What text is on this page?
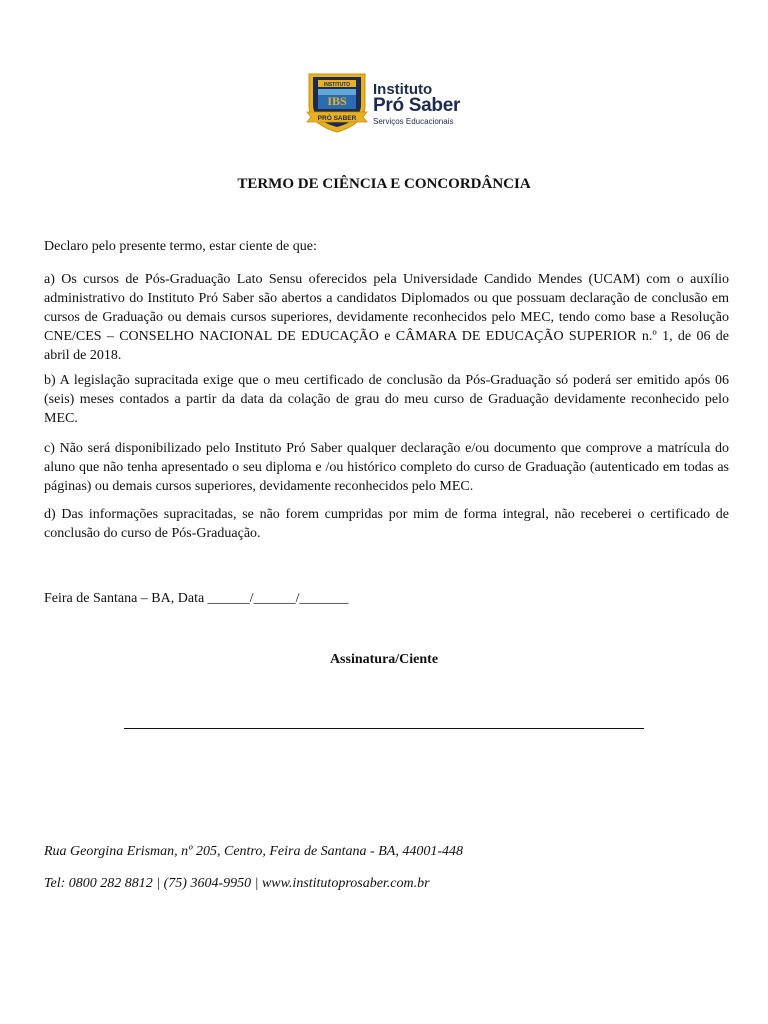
INSTITUTO
IBS
PRÓ SABER
Instituto
Pró Saber
Serviços Educacionais
TERMO DE CIÊNCIA E CONCORDÂNCIA
Declaro pelo presente termo, estar ciente de que:
a) Os cursos de Pós-Graduação Lato Sensu oferecidos pela Universidade Candido Mendes (UCAM) com o auxílio administrativo do Instituto Pró Saber são abertos a candidatos Diplomados ou que possuam declaração de conclusão em cursos de Graduação ou demais cursos superiores, devidamente reconhecidos pelo MEC, tendo como base a Resolução CNE/CES – CONSELHO NACIONAL DE EDUCAÇÃO e CÂMARA DE EDUCAÇÃO SUPERIOR n.º 1, de 06 de abril de 2018.
b) A legislação supracitada exige que o meu certificado de conclusão da Pós-Graduação só poderá ser emitido após 06 (seis) meses contados a partir da data da colação de grau do meu curso de Graduação devidamente reconhecido pelo MEC.
c) Não será disponibilizado pelo Instituto Pró Saber qualquer declaração e/ou documento que comprove a matrícula do aluno que não tenha apresentado o seu diploma e /ou histórico completo do curso de Graduação (autenticado em todas as páginas) ou demais cursos superiores, devidamente reconhecidos pelo MEC.
d) Das informações supracitadas, se não forem cumpridas por mim de forma integral, não receberei o certificado de conclusão do curso de Pós-Graduação.
Feira de Santana – BA, Data ______/______/_______
Assinatura/Ciente
Rua Georgina Erisman, nº 205, Centro, Feira de Santana - BA, 44001-448
Tel: 0800 282 8812 | (75) 3604-9950 | www.institutoprosaber.com.br
